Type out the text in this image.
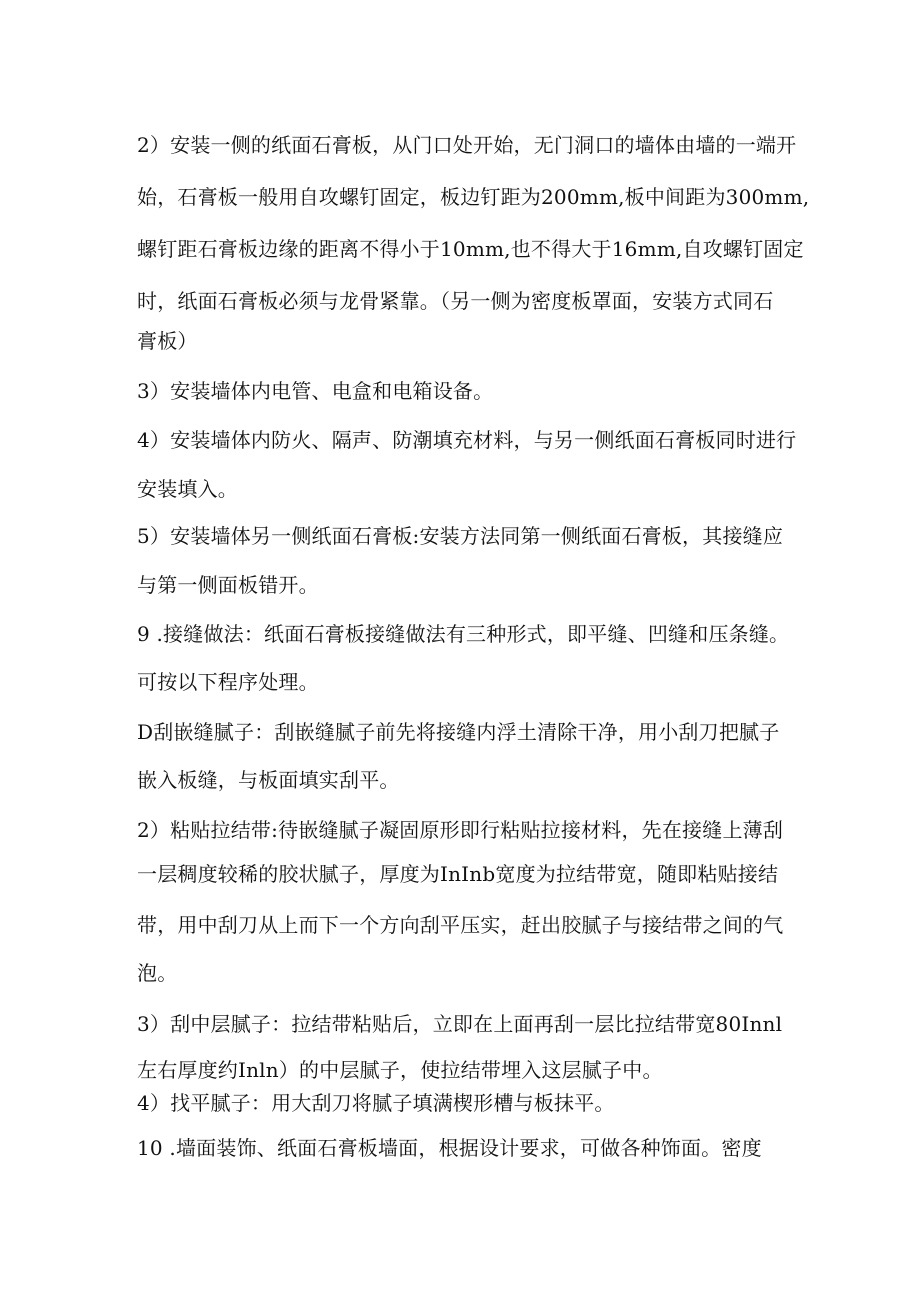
2）安装一侧的纸面石膏板，从门口处开始，无门洞口的墙体由墙的一端开
始，石膏板一般用自攻螺钉固定，板边钉距为200mm,板中间距为300mm,
螺钉距石膏板边缘的距离不得小于10mm,也不得大于16mm,自攻螺钉固定
时，纸面石膏板必须与龙骨紧靠。（另一侧为密度板罩面，安装方式同石
膏板）
3）安装墙体内电管、电盒和电箱设备。
4）安装墙体内防火、隔声、防潮填充材料，与另一侧纸面石膏板同时进行
安装填入。
5）安装墙体另一侧纸面石膏板:安装方法同第一侧纸面石膏板，其接缝应
与第一侧面板错开。
9 .接缝做法：纸面石膏板接缝做法有三种形式，即平缝、凹缝和压条缝。
可按以下程序处理。
D刮嵌缝腻子：刮嵌缝腻子前先将接缝内浮土清除干净，用小刮刀把腻子
嵌入板缝，与板面填实刮平。
2）粘贴拉结带:待嵌缝腻子凝固原形即行粘贴拉接材料，先在接缝上薄刮
一层稠度较稀的胶状腻子，厚度为InInb宽度为拉结带宽，随即粘贴接结
带，用中刮刀从上而下一个方向刮平压实，赶出胶腻子与接结带之间的气
泡。
3）刮中层腻子：拉结带粘贴后，立即在上面再刮一层比拉结带宽80Innl
左右厚度约Inln）的中层腻子，使拉结带埋入这层腻子中。
4）找平腻子：用大刮刀将腻子填满楔形槽与板抹平。
10 .墙面装饰、纸面石膏板墙面，根据设计要求，可做各种饰面。密度
